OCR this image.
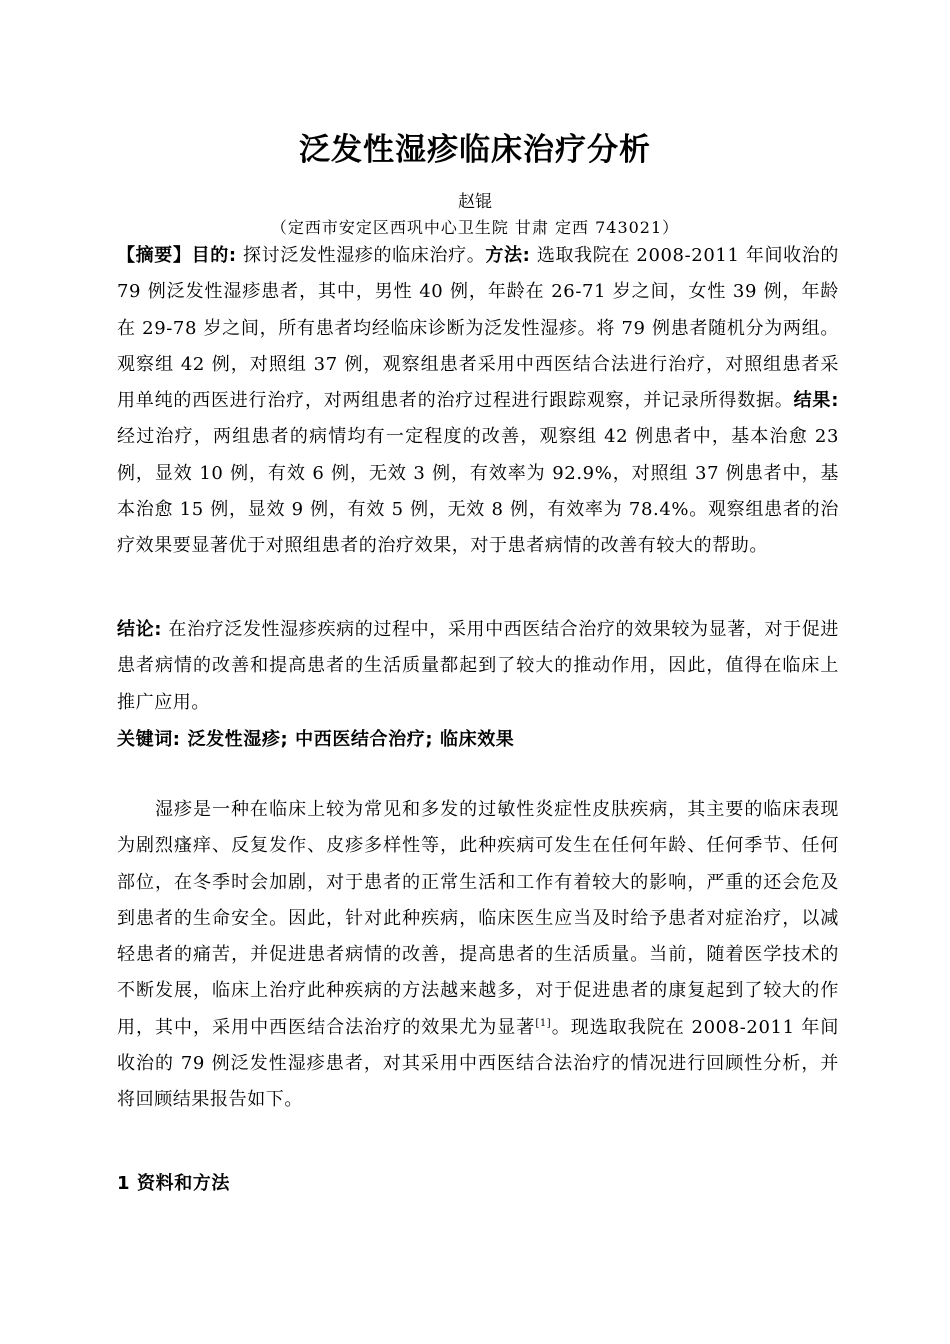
泛发性湿疹临床治疗分析
赵锟
（定西市安定区西巩中心卫生院 甘肃 定西 743021）
【摘要】目的: 探讨泛发性湿疹的临床治疗。方法: 选取我院在 2008-2011 年间收治的 79 例泛发性湿疹患者，其中，男性 40 例，年龄在 26-71 岁之间，女性 39 例，年龄在 29-78 岁之间，所有患者均经临床诊断为泛发性湿疹。将 79 例患者随机分为两组。观察组 42 例，对照组 37 例，观察组患者采用中西医结合法进行治疗，对照组患者采用单纯的西医进行治疗，对两组患者的治疗过程进行跟踪观察，并记录所得数据。结果: 经过治疗，两组患者的病情均有一定程度的改善，观察组 42 例患者中，基本治愈 23 例，显效 10 例，有效 6 例，无效 3 例，有效率为 92.9%，对照组 37 例患者中，基本治愈 15 例，显效 9 例，有效 5 例，无效 8 例，有效率为 78.4%。观察组患者的治疗效果要显著优于对照组患者的治疗效果，对于患者病情的改善有较大的帮助。
结论: 在治疗泛发性湿疹疾病的过程中，采用中西医结合治疗的效果较为显著，对于促进患者病情的改善和提高患者的生活质量都起到了较大的推动作用，因此，值得在临床上推广应用。
关键词: 泛发性湿疹; 中西医结合治疗; 临床效果
湿疹是一种在临床上较为常见和多发的过敏性炎症性皮肤疾病，其主要的临床表现为剧烈瘙痒、反复发作、皮疹多样性等，此种疾病可发生在任何年龄、任何季节、任何部位，在冬季时会加剧，对于患者的正常生活和工作有着较大的影响，严重的还会危及到患者的生命安全。因此，针对此种疾病，临床医生应当及时给予患者对症治疗，以减轻患者的痛苦，并促进患者病情的改善，提高患者的生活质量。当前，随着医学技术的不断发展，临床上治疗此种疾病的方法越来越多，对于促进患者的康复起到了较大的作用，其中，采用中西医结合法治疗的效果尤为显著[1]。现选取我院在 2008-2011 年间收治的 79 例泛发性湿疹患者，对其采用中西医结合法治疗的情况进行回顾性分析，并将回顾结果报告如下。
1 资料和方法
